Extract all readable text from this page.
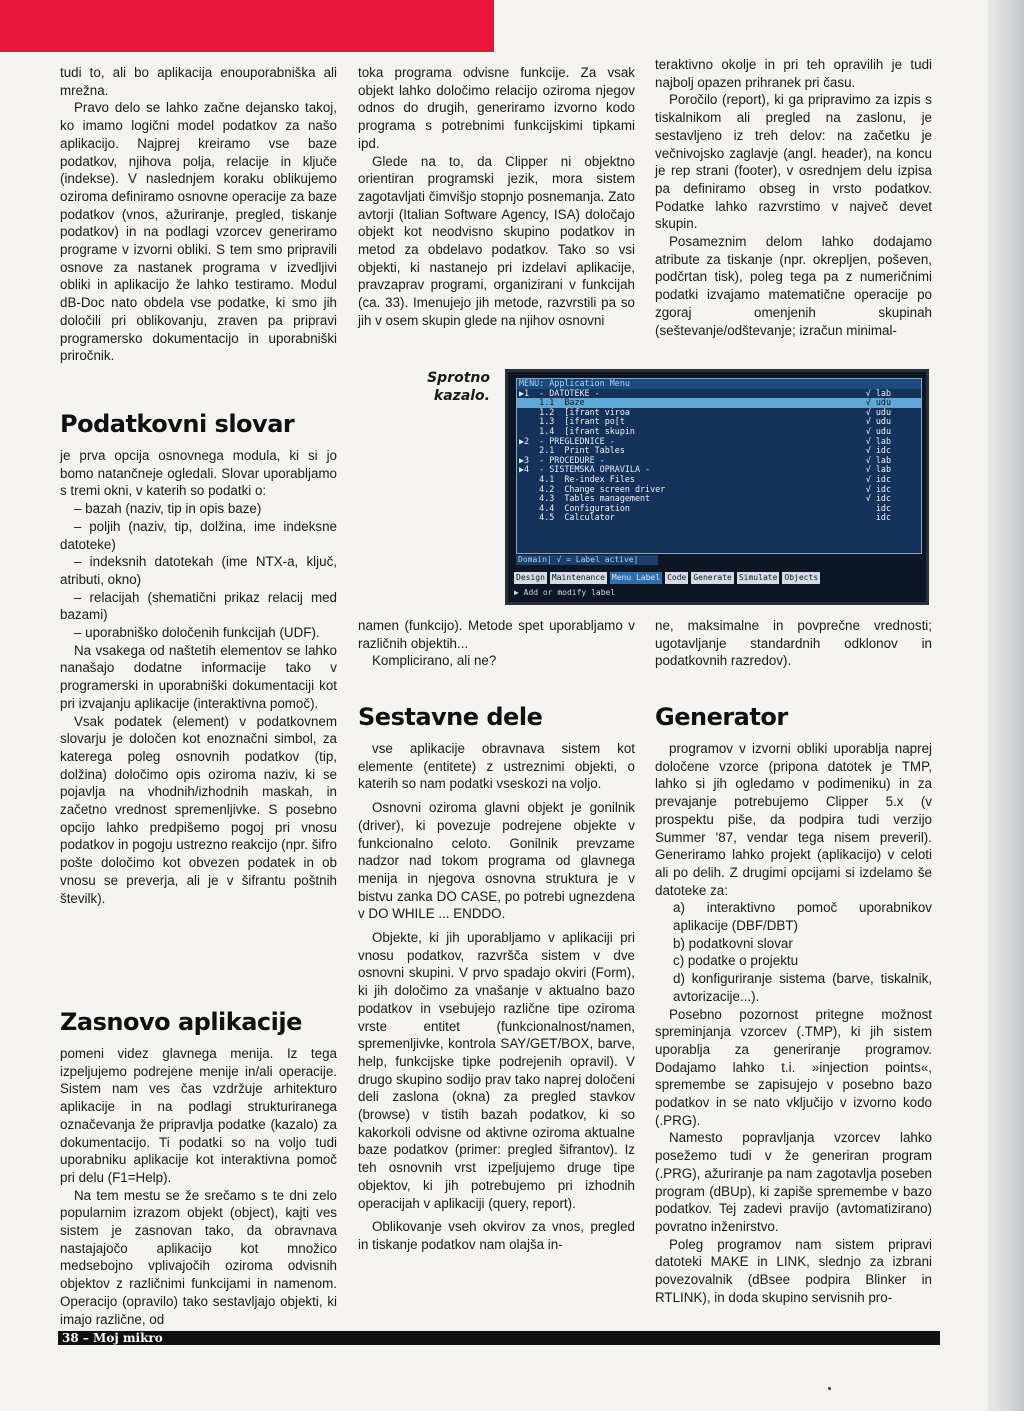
tudi to, ali bo aplikacija enouporabniška ali mrežna.

Pravo delo se lahko začne dejansko takoj, ko imamo logični model podatkov za našo aplikacijo. Najprej kreiramo vse baze podatkov, njihova polja, relacije in ključe (indekse). V naslednjem koraku oblikujemo oziroma definiramo osnovne operacije za baze podatkov (vnos, ažuriranje, pregled, tiskanje podatkov) in na podlagi vzorcev generiramo programe v izvorni obliki. S tem smo pripravili osnove za nastanek programa v izvedljivi obliki in aplikacijo že lahko testiramo. Modul dB-Doc nato obdela vse podatke, ki smo jih določili pri oblikovanju, zraven pa pripravi programersko dokumentacijo in uporabniški priročnik.

Podatkovni slovar

je prva opcija osnovnega modula, ki si jo bomo natančneje ogledali. Slovar uporabljamo s tremi okni, v katerih so podatki o:

– bazah (naziv, tip in opis baze)

– poljih (naziv, tip, dolžina, ime indeksne datoteke)

– indeksnih datotekah (ime NTX-a, ključ, atributi, okno)

– relacijah (shematični prikaz relacij med bazami)

– uporabniško določenih funkcijah (UDF).

Na vsakega od naštetih elementov se lahko nanašajo dodatne informacije tako v programerski in uporabniški dokumentaciji kot pri izvajanju aplikacije (interaktivna pomoč).

Vsak podatek (element) v podatkovnem slovarju je določen kot enoznačni simbol, za katerega poleg osnovnih podatkov (tip, dolžina) določimo opis oziroma naziv, ki se pojavlja na vhodnih/izhodnih maskah, in začetno vrednost spremenljivke. S posebno opcijo lahko predpišemo pogoj pri vnosu podatkov in pogoju ustrezno reakcijo (npr. šifro pošte določimo kot obvezen podatek in ob vnosu se preverja, ali je v šifrantu poštnih številk).

Zasnovo aplikacije

pomeni videz glavnega menija. Iz tega izpeljujemo podrejene menije in/ali operacije. Sistem nam ves čas vzdržuje arhitekturo aplikacije in na podlagi strukturiranega označevanja že pripravlja podatke (kazalo) za dokumentacijo. Ti podatki so na voljo tudi uporabniku aplikacije kot interaktivna pomoč pri delu (F1=Help).

Na tem mestu se že srečamo s te dni zelo popularnim izrazom objekt (object), kajti ves sistem je zasnovan tako, da obravnava nastajajočo aplikacijo kot množico medsebojno vplivajočih oziroma odvisnih objektov z različnimi funkcijami in namenom. Operacijo (opravilo) tako sestavljajo objekti, ki imajo različne, od

toka programa odvisne funkcije. Za vsak objekt lahko določimo relacijo oziroma njegov odnos do drugih, generiramo izvorno kodo programa s potrebnimi funkcijskimi tipkami ipd.

Glede na to, da Clipper ni objektno orientiran programski jezik, mora sistem zagotavljati čimvišjo stopnjo posnemanja. Zato avtorji (Italian Software Agency, ISA) določajo objekt kot neodvisno skupino podatkov in metod za obdelavo podatkov. Tako so vsi objekti, ki nastanejo pri izdelavi aplikacije, pravzaprav programi, organizirani v funkcijah (ca. 33). Imenujejo jih metode, razvrstili pa so jih v osem skupin glede na njihov osnovni

Sprotno kazalo.
MENU: Application Menu
▶1  - DATOTEKE -	√ lab
1.1  Baze	√ udu
1.2  [ifrant viroa	√ udu
1.3  [ifrant po[t	√ udu
1.4  [ifrant skupin	√ udu
▶2  - PREGLEDNICE -	√ lab
2.1  Print Tables	√ idc
▶3  - PROCEDURE -	√ lab
▶4  - SISTEMSKA OPRAVILA -	√ lab
4.1  Re-index Files	√ idc
4.2  Change screen driver	√ idc
4.3  Tables management	√ idc
4.4  Configuration	idc
4.5  Calculator	idc
Domain| √ = Label active|
Design Maintenance Menu Label Code Generate Simulate Objects
▶ Add or modify label

namen (funkcijo). Metode spet uporabljamo v različnih objektih...

Komplicirano, ali ne?

Sestavne dele

vse aplikacije obravnava sistem kot elemente (entitete) z ustreznimi objekti, o katerih so nam podatki vseskozi na voljo.

Osnovni oziroma glavni objekt je gonilnik (driver), ki povezuje podrejene objekte v funkcionalno celoto. Gonilnik prevzame nadzor nad tokom programa od glavnega menija in njegova osnovna struktura je v bistvu zanka DO CASE, po potrebi ugnezdena v DO WHILE ... ENDDO.

Objekte, ki jih uporabljamo v aplikaciji pri vnosu podatkov, razvršča sistem v dve osnovni skupini. V prvo spadajo okviri (Form), ki jih določimo za vnašanje v aktualno bazo podatkov in vsebujejo različne tipe oziroma vrste entitet (funkcionalnost/namen, spremenljivke, kontrola SAY/GET/BOX, barve, help, funkcijske tipke podrejenih opravil). V drugo skupino sodijo prav tako naprej določeni deli zaslona (okna) za pregled stavkov (browse) v tistih bazah podatkov, ki so kakorkoli odvisne od aktivne oziroma aktualne baze podatkov (primer: pregled šifrantov). Iz teh osnovnih vrst izpeljujemo druge tipe objektov, ki jih potrebujemo pri izhodnih operacijah v aplikaciji (query, report).

Oblikovanje vseh okvirov za vnos, pregled in tiskanje podatkov nam olajša in-

teraktivno okolje in pri teh opravilih je tudi najbolj opazen prihranek pri času.

Poročilo (report), ki ga pripravimo za izpis s tiskalnikom ali pregled na zaslonu, je sestavljeno iz treh delov: na začetku je večnivojsko zaglavje (angl. header), na koncu je rep strani (footer), v osrednjem delu izpisa pa definiramo obseg in vrsto podatkov. Podatke lahko razvrstimo v največ devet skupin.

Posameznim delom lahko dodajamo atribute za tiskanje (npr. okrepljen, poševen, podčrtan tisk), poleg tega pa z numeričnimi podatki izvajamo matematične operacije po zgoraj omenjenih skupinah (seštevanje/odštevanje; izračun minimal-

ne, maksimalne in povprečne vrednosti; ugotavljanje standardnih odklonov in podatkovnih razredov).

Generator

programov v izvorni obliki uporablja naprej določene vzorce (pripona datotek je TMP, lahko si jih ogledamo v podimeniku) in za prevajanje potrebujemo Clipper 5.x (v prospektu piše, da podpira tudi verzijo Summer '87, vendar tega nisem preveril). Generiramo lahko projekt (aplikacijo) v celoti ali po delih. Z drugimi opcijami si izdelamo še datoteke za:

a) interaktivno pomoč uporabnikov aplikacije (DBF/DBT)

b) podatkovni slovar

c) podatke o projektu

d) konfiguriranje sistema (barve, tiskalnik, avtorizacije...).

Posebno pozornost pritegne možnost spreminjanja vzorcev (.TMP), ki jih sistem uporablja za generiranje programov. Dodajamo lahko t.i. »injection points«, spremembe se zapisujejo v posebno bazo podatkov in se nato vključijo v izvorno kodo (.PRG).

Namesto popravljanja vzorcev lahko posežemo tudi v že generiran program (.PRG), ažuriranje pa nam zagotavlja poseben program (dBUp), ki zapiše spremembe v bazo podatkov. Tej zadevi pravijo (avtomatizirano) povratno inženirstvo.

Poleg programov nam sistem pripravi datoteki MAKE in LINK, slednjo za izbrani povezovalnik (dBsee podpira Blinker in RTLINK), in doda skupino servisnih pro-

38 – Moj mikro
